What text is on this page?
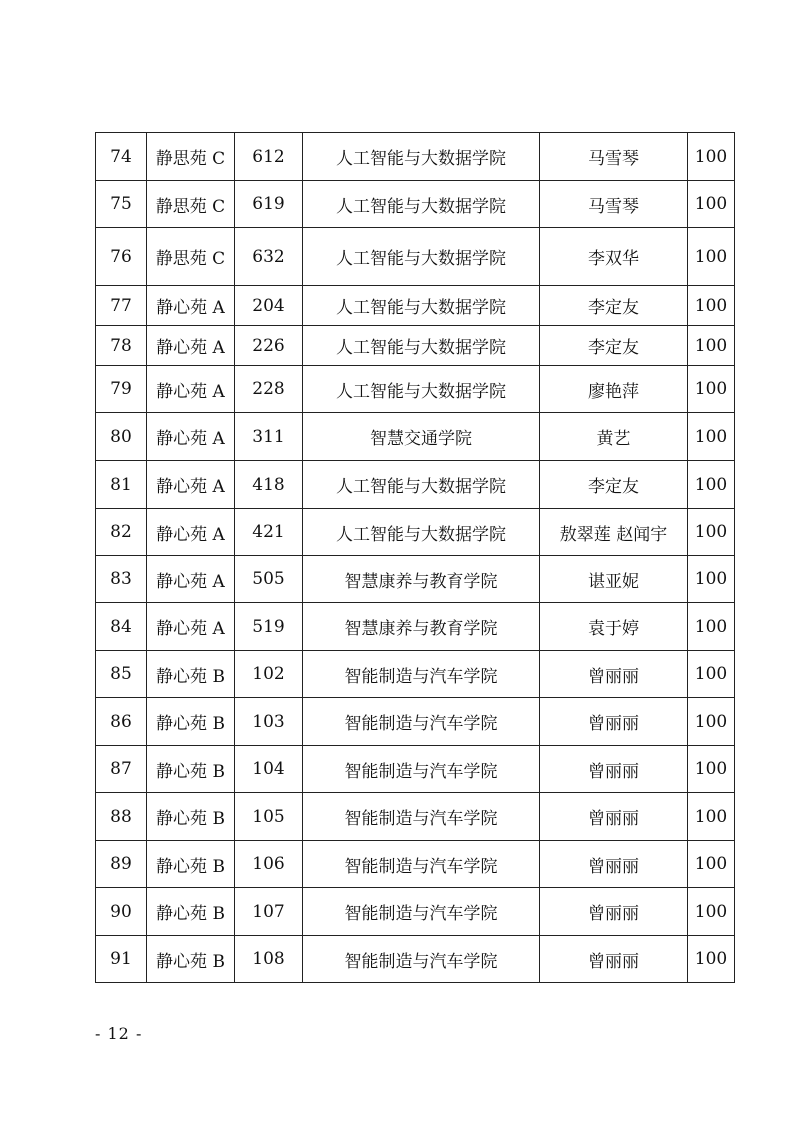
74	静思苑 C	612	人工智能与大数据学院	马雪琴	100
75	静思苑 C	619	人工智能与大数据学院	马雪琴	100
76	静思苑 C	632	人工智能与大数据学院	李双华	100
77	静心苑 A	204	人工智能与大数据学院	李定友	100
78	静心苑 A	226	人工智能与大数据学院	李定友	100
79	静心苑 A	228	人工智能与大数据学院	廖艳萍	100
80	静心苑 A	311	智慧交通学院	黄艺	100
81	静心苑 A	418	人工智能与大数据学院	李定友	100
82	静心苑 A	421	人工智能与大数据学院	敖翠莲 赵闻宇	100
83	静心苑 A	505	智慧康养与教育学院	谌亚妮	100
84	静心苑 A	519	智慧康养与教育学院	袁于婷	100
85	静心苑 B	102	智能制造与汽车学院	曾丽丽	100
86	静心苑 B	103	智能制造与汽车学院	曾丽丽	100
87	静心苑 B	104	智能制造与汽车学院	曾丽丽	100
88	静心苑 B	105	智能制造与汽车学院	曾丽丽	100
89	静心苑 B	106	智能制造与汽车学院	曾丽丽	100
90	静心苑 B	107	智能制造与汽车学院	曾丽丽	100
91	静心苑 B	108	智能制造与汽车学院	曾丽丽	100
- 12 -
